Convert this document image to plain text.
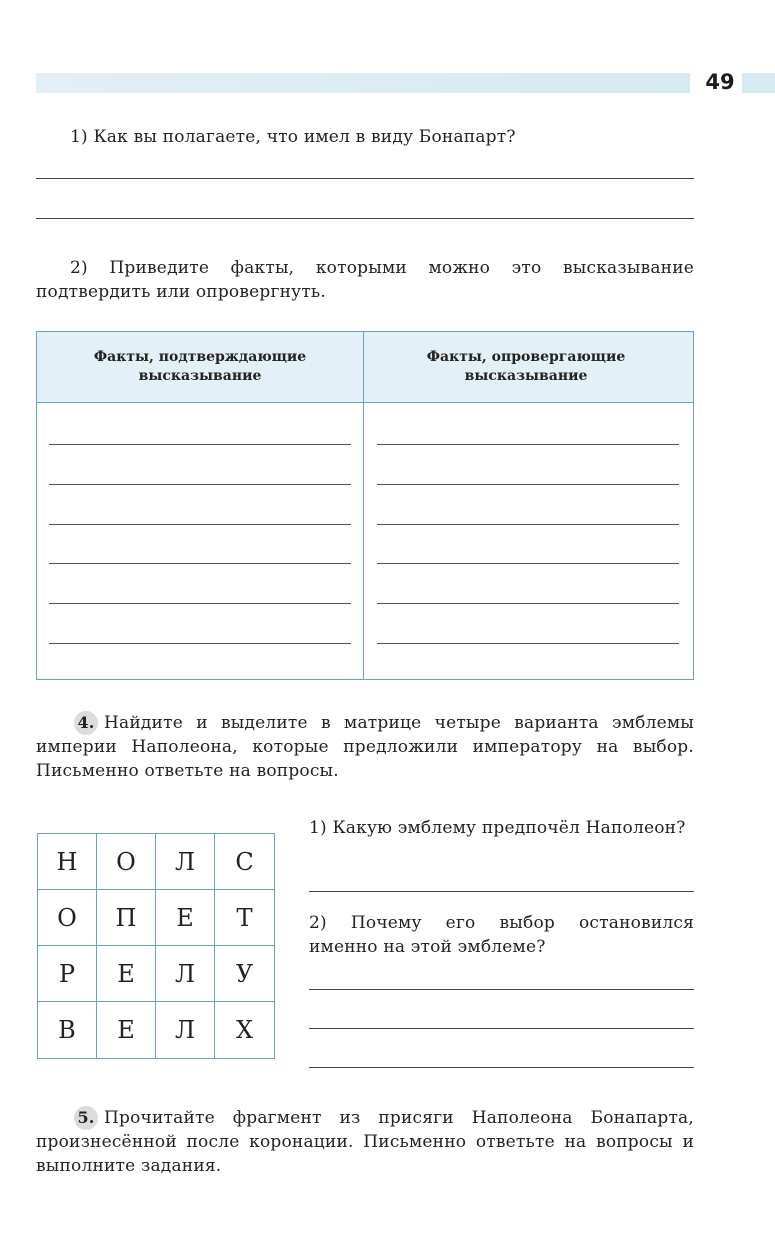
49
1) Как вы полагаете, что имел в виду Бонапарт?
2) Приведите факты, которыми можно это высказывание подтвердить или опровергнуть.
Факты, подтверждающие высказывание
Факты, опровергающие высказывание
4. Найдите и выделите в матрице четыре варианта эмблемы империи Наполеона, которые предложили императору на выбор. Письменно ответьте на вопросы.
Н	О	Л	С
О	П	Е	Т
Р	Е	Л	У
В	Е	Л	Х
1) Какую эмблему предпочёл Наполеон?
2) Почему его выбор остановился именно на этой эмблеме?
5. Прочитайте фрагмент из присяги Наполеона Бонапарта, произнесённой после коронации. Письменно ответьте на вопросы и выполните задания.
